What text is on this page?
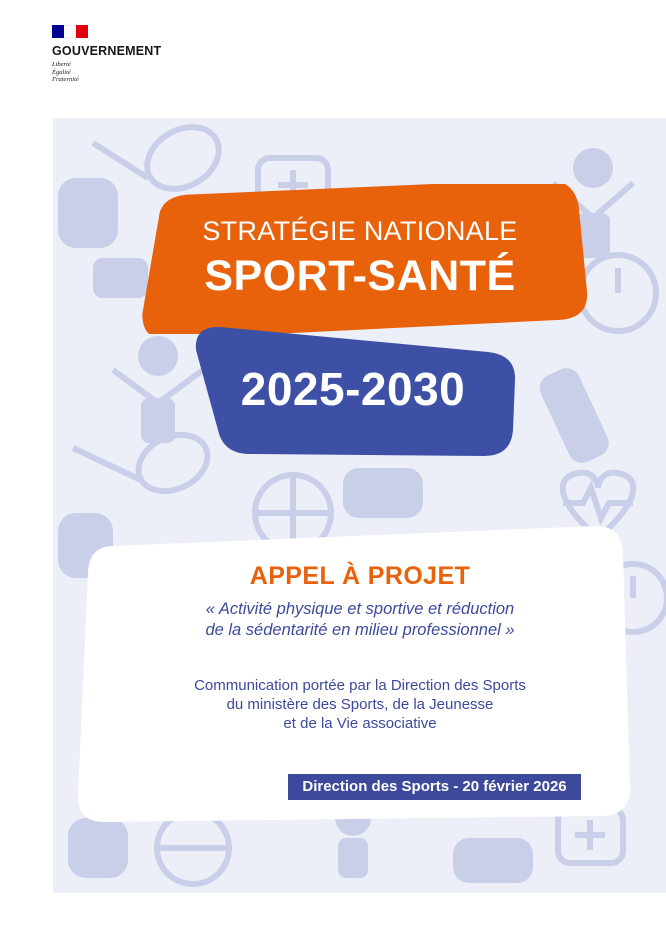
GOUVERNEMENT
Liberté
Égalité
Fraternité
STRATÉGIE NATIONALE
SPORT-SANTÉ
2025-2030
APPEL À PROJET
« Activité physique et sportive et réduction
de la sédentarité en milieu professionnel »
Communication portée par la Direction des Sports
du ministère des Sports, de la Jeunesse
et de la Vie associative
Direction des Sports - 20 février 2026
